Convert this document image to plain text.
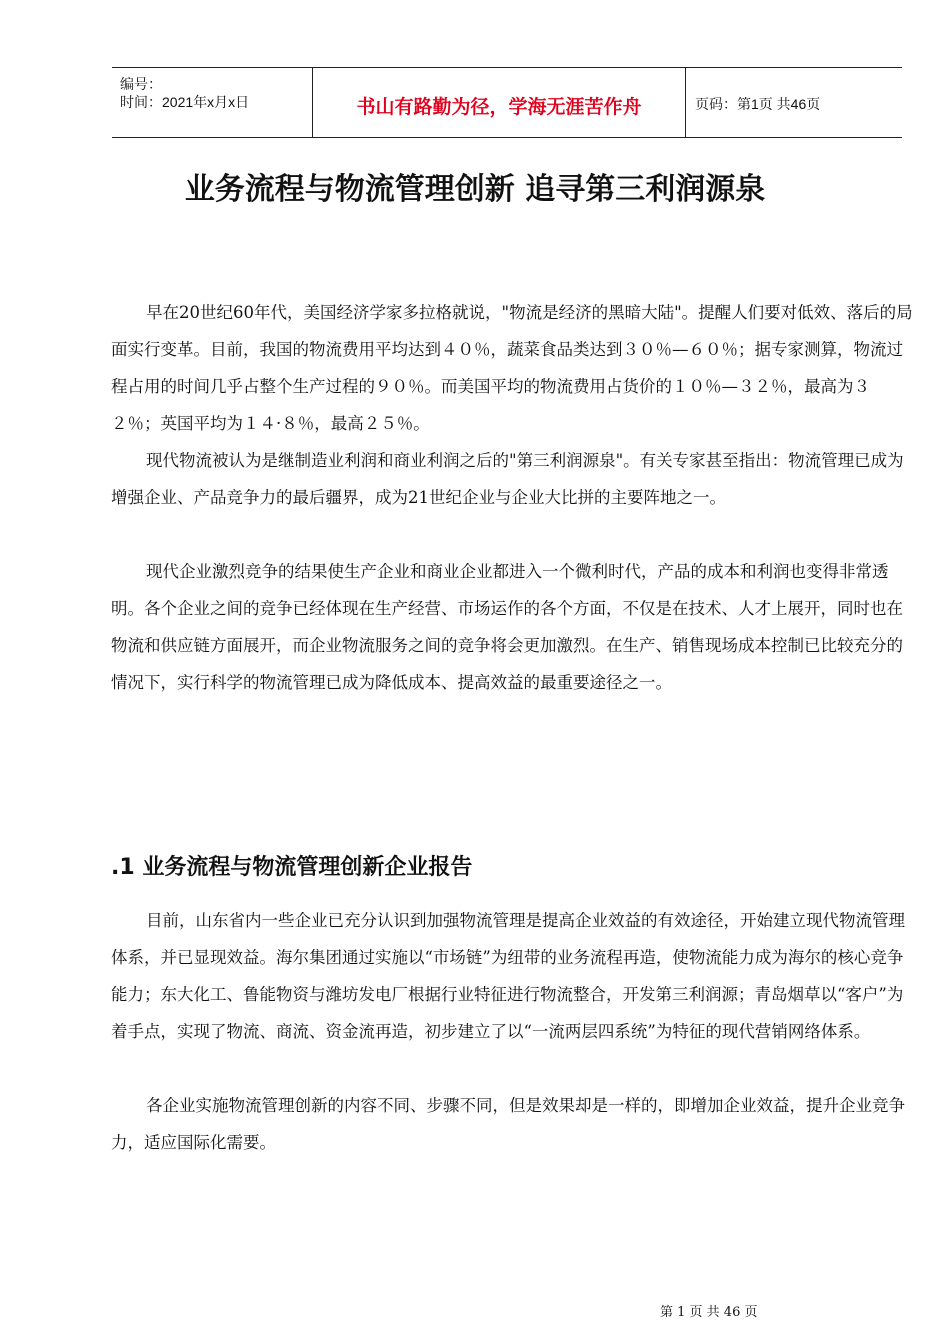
编号：
时间：2021年x月x日	书山有路勤为径，学海无涯苦作舟	页码：第1页 共46页
业务流程与物流管理创新 追寻第三利润源泉

早在20世纪60年代，美国经济学家多拉格就说，"物流是经济的黑暗大陆"。提醒人们要对低效、落后的局面实行变革。目前，我国的物流费用平均达到４０％，蔬菜食品类达到３０％—６０％；据专家测算，物流过程占用的时间几乎占整个生产过程的９０％。而美国平均的物流费用占货价的１０％—３２％，最高为３２％；英国平均为１４·８％，最高２５％。

现代物流被认为是继制造业利润和商业利润之后的"第三利润源泉"。有关专家甚至指出：物流管理已成为增强企业、产品竞争力的最后疆界，成为21世纪企业与企业大比拼的主要阵地之一。

现代企业激烈竞争的结果使生产企业和商业企业都进入一个微利时代，产品的成本和利润也变得非常透明。各个企业之间的竞争已经体现在生产经营、市场运作的各个方面，不仅是在技术、人才上展开，同时也在物流和供应链方面展开，而企业物流服务之间的竞争将会更加激烈。在生产、销售现场成本控制已比较充分的情况下，实行科学的物流管理已成为降低成本、提高效益的最重要途径之一。

.1 业务流程与物流管理创新企业报告

目前，山东省内一些企业已充分认识到加强物流管理是提高企业效益的有效途径，开始建立现代物流管理体系，并已显现效益。海尔集团通过实施以“市场链”为纽带的业务流程再造，使物流能力成为海尔的核心竞争能力；东大化工、鲁能物资与潍坊发电厂根据行业特征进行物流整合，开发第三利润源；青岛烟草以“客户”为着手点，实现了物流、商流、资金流再造，初步建立了以“一流两层四系统”为特征的现代营销网络体系。

各企业实施物流管理创新的内容不同、步骤不同，但是效果却是一样的，即增加企业效益，提升企业竞争力，适应国际化需要。

第 1 页 共 46 页
